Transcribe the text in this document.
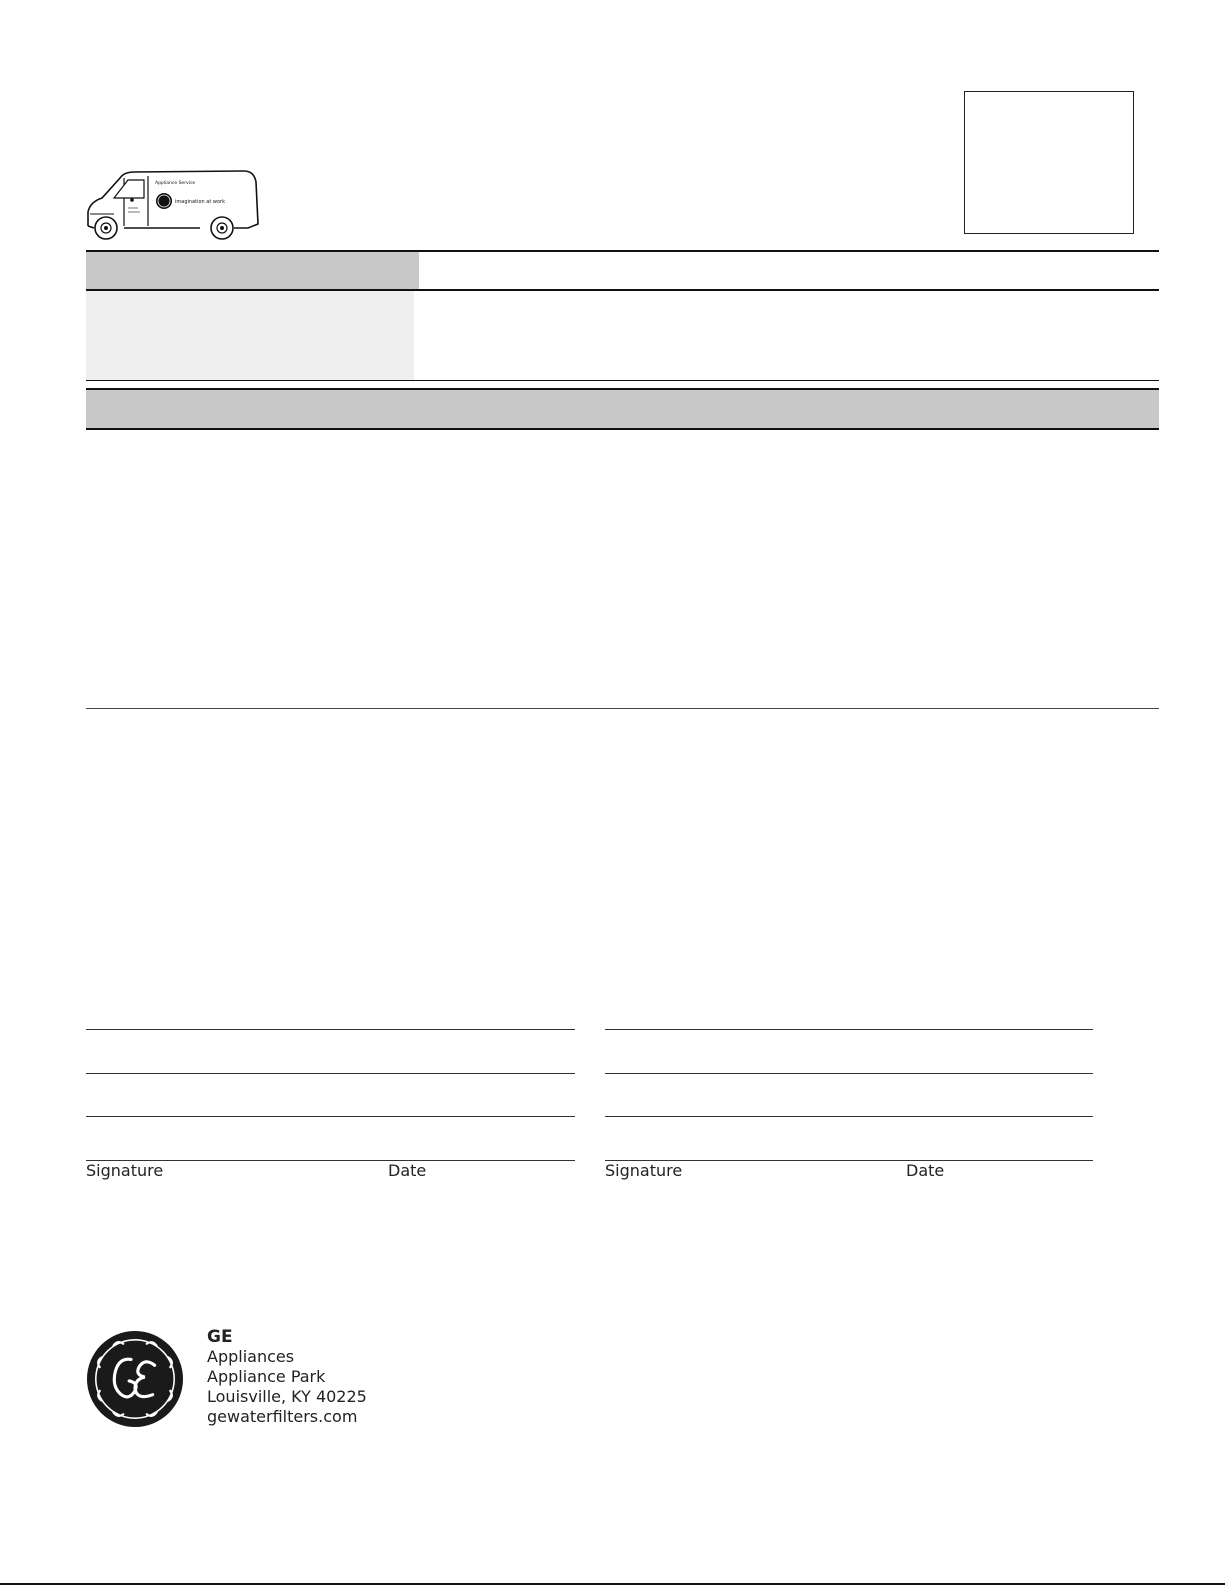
Appliance Service
imagination at work
Signature	Date	Signature	Date
GE
Appliances
Appliance Park
Louisville, KY 40225
gewaterfilters.com
